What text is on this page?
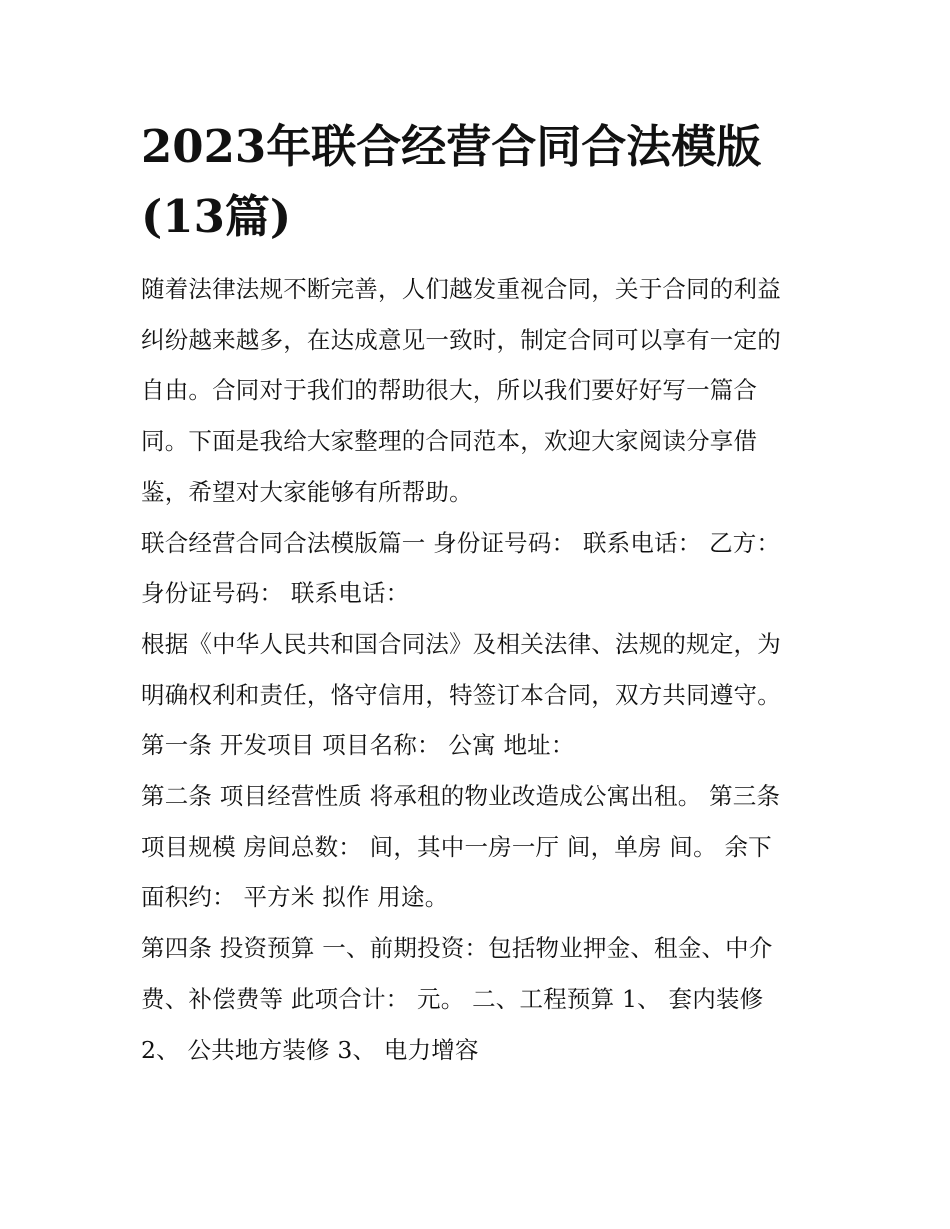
2023年联合经营合同合法模版
(13篇)

随着法律法规不断完善，人们越发重视合同，关于合同的利益
纠纷越来越多，在达成意见一致时，制定合同可以享有一定的
自由。合同对于我们的帮助很大，所以我们要好好写一篇合
同。下面是我给大家整理的合同范本，欢迎大家阅读分享借
鉴，希望对大家能够有所帮助。

联合经营合同合法模版篇一 身份证号码： 联系电话： 乙方：
身份证号码： 联系电话：

根据《中华人民共和国合同法》及相关法律、法规的规定，为
明确权利和责任，恪守信用，特签订本合同，双方共同遵守。

第一条 开发项目 项目名称： 公寓 地址：

第二条 项目经营性质 将承租的物业改造成公寓出租。 第三条
项目规模 房间总数： 间，其中一房一厅 间，单房 间。 余下
面积约： 平方米 拟作 用途。

第四条 投资预算 一、前期投资：包括物业押金、租金、中介
费、补偿费等 此项合计： 元。 二、工程预算 1、 套内装修
2、 公共地方装修 3、 电力增容
